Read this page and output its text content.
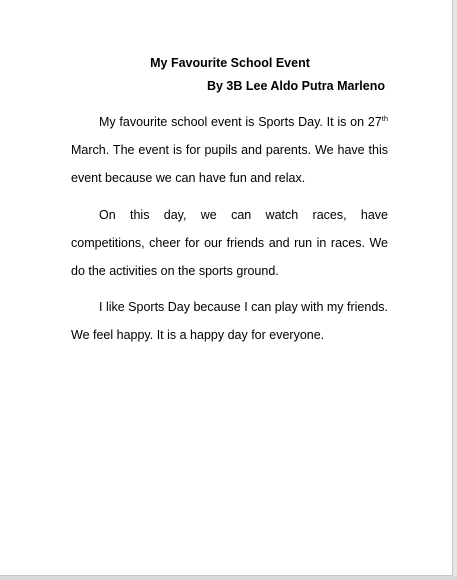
My Favourite School Event
By 3B Lee Aldo Putra Marleno

My favourite school event is Sports Day. It is on 27th March. The event is for pupils and parents. We have this event because we can have fun and relax.

On this day, we can watch races, have competitions, cheer for our friends and run in races. We do the activities on the sports ground.

I like Sports Day because I can play with my friends. We feel happy. It is a happy day for everyone.
